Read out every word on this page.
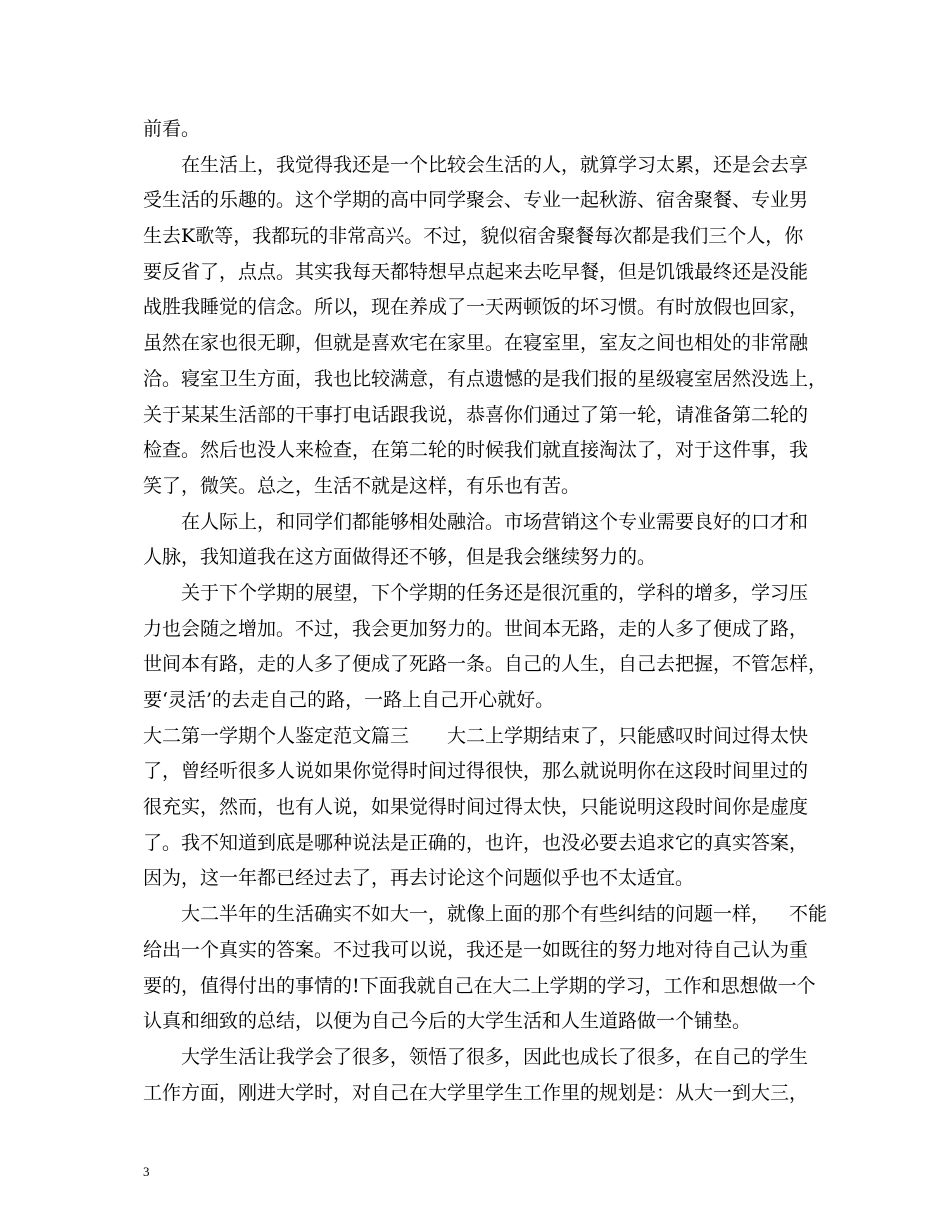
前看。
在生活上，我觉得我还是一个比较会生活的人，就算学习太累，还是会去享
受生活的乐趣的。这个学期的高中同学聚会、专业一起秋游、宿舍聚餐、专业男
生去K歌等，我都玩的非常高兴。不过，貌似宿舍聚餐每次都是我们三个人，你
要反省了，点点。其实我每天都特想早点起来去吃早餐，但是饥饿最终还是没能
战胜我睡觉的信念。所以，现在养成了一天两顿饭的坏习惯。有时放假也回家，
虽然在家也很无聊，但就是喜欢宅在家里。在寝室里，室友之间也相处的非常融
洽。寝室卫生方面，我也比较满意，有点遗憾的是我们报的星级寝室居然没选上，
关于某某生活部的干事打电话跟我说，恭喜你们通过了第一轮，请准备第二轮的
检查。然后也没人来检查，在第二轮的时候我们就直接淘汰了，对于这件事，我
笑了，微笑。总之，生活不就是这样，有乐也有苦。
在人际上，和同学们都能够相处融洽。市场营销这个专业需要良好的口才和
人脉，我知道我在这方面做得还不够，但是我会继续努力的。
关于下个学期的展望，下个学期的任务还是很沉重的，学科的增多，学习压
力也会随之增加。不过，我会更加努力的。世间本无路，走的人多了便成了路，
世间本有路，走的人多了便成了死路一条。自己的人生，自己去把握，不管怎样，
要‘灵活’的去走自己的路，一路上自己开心就好。
大二第一学期个人鉴定范文篇三 大二上学期结束了，只能感叹时间过得太快
了，曾经听很多人说如果你觉得时间过得很快，那么就说明你在这段时间里过的
很充实，然而，也有人说，如果觉得时间过得太快，只能说明这段时间你是虚度
了。我不知道到底是哪种说法是正确的，也许，也没必要去追求它的真实答案，
因为，这一年都已经过去了，再去讨论这个问题似乎也不太适宜。
大二半年的生活确实不如大一，就像上面的那个有些纠结的问题一样， 不能
给出一个真实的答案。不过我可以说，我还是一如既往的努力地对待自己认为重
要的，值得付出的事情的!下面我就自己在大二上学期的学习，工作和思想做一个
认真和细致的总结，以便为自己今后的大学生活和人生道路做一个铺垫。
大学生活让我学会了很多，领悟了很多，因此也成长了很多，在自己的学生
工作方面，刚进大学时，对自己在大学里学生工作里的规划是：从大一到大三，
3
